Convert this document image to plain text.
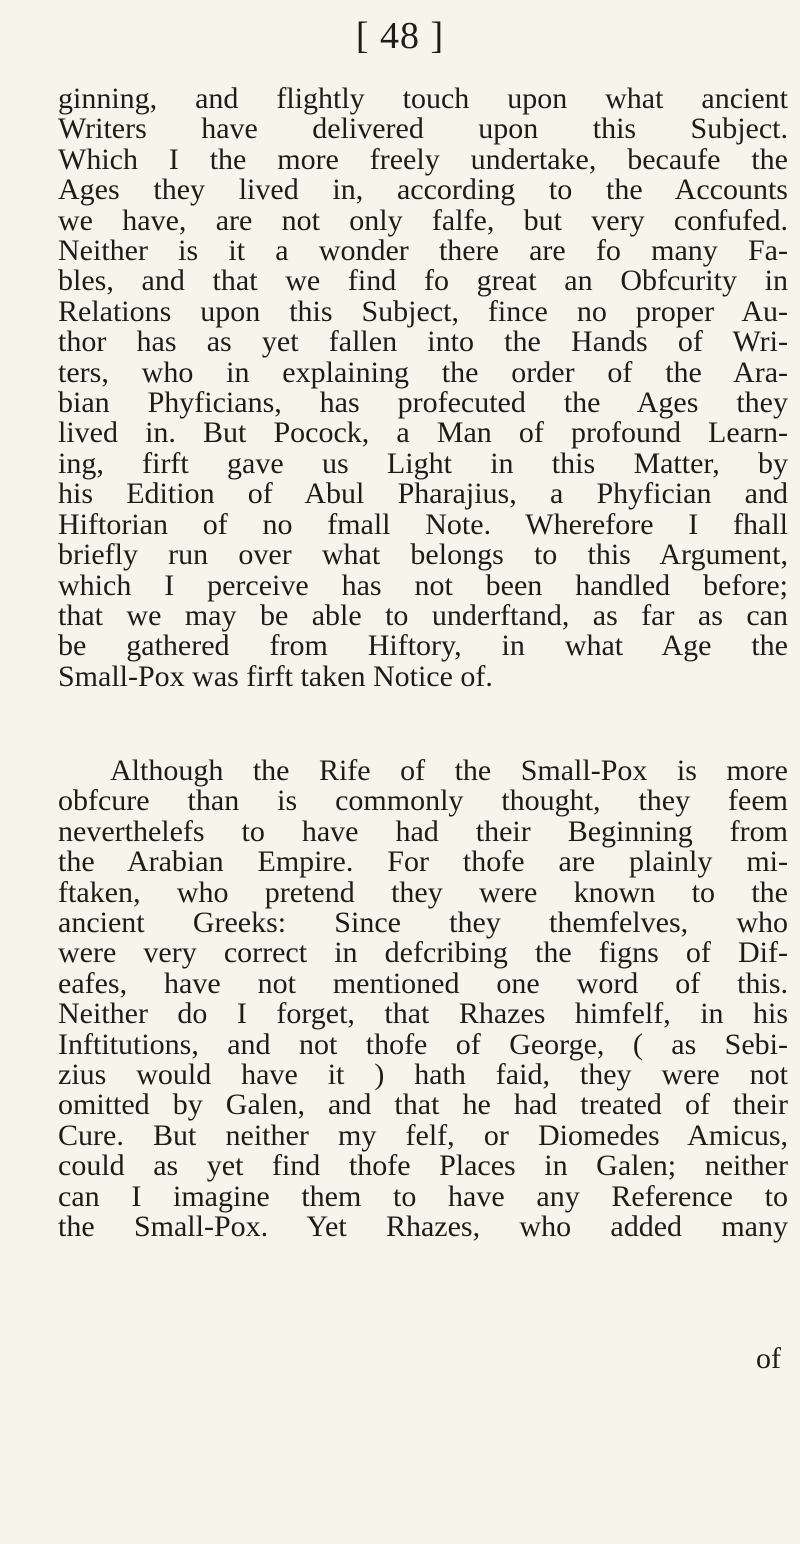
[ 48 ]
ginning, and flightly touch upon what ancient
Writers have delivered upon this Subject.
Which I the more freely undertake, becaufe the
Ages they lived in, according to the Accounts
we have, are not only falfe, but very confufed.
Neither is it a wonder there are fo many Fa-
bles, and that we find fo great an Obfcurity in
Relations upon this Subject, fince no proper Au-
thor has as yet fallen into the Hands of Wri-
ters, who in explaining the order of the Ara-
bian Phyficians, has profecuted the Ages they
lived in. But Pocock, a Man of profound Learn-
ing, firft gave us Light in this Matter, by
his Edition of Abul Pharajius, a Phyfician and
Hiftorian of no fmall Note. Wherefore I fhall
briefly run over what belongs to this Argument,
which I perceive has not been handled before;
that we may be able to underftand, as far as can
be gathered from Hiftory, in what Age the
Small-Pox was firft taken Notice of.
Although the Rife of the Small-Pox is more
obfcure than is commonly thought, they feem
neverthelefs to have had their Beginning from
the Arabian Empire. For thofe are plainly mi-
ftaken, who pretend they were known to the
ancient Greeks: Since they themfelves, who
were very correct in defcribing the figns of Dif-
eafes, have not mentioned one word of this.
Neither do I forget, that Rhazes himfelf, in his
Inftitutions, and not thofe of George, ( as Sebi-
zius would have it ) hath faid, they were not
omitted by Galen, and that he had treated of their
Cure. But neither my felf, or Diomedes Amicus,
could as yet find thofe Places in Galen; neither
can I imagine them to have any Reference to
the Small-Pox. Yet Rhazes, who added many
of
